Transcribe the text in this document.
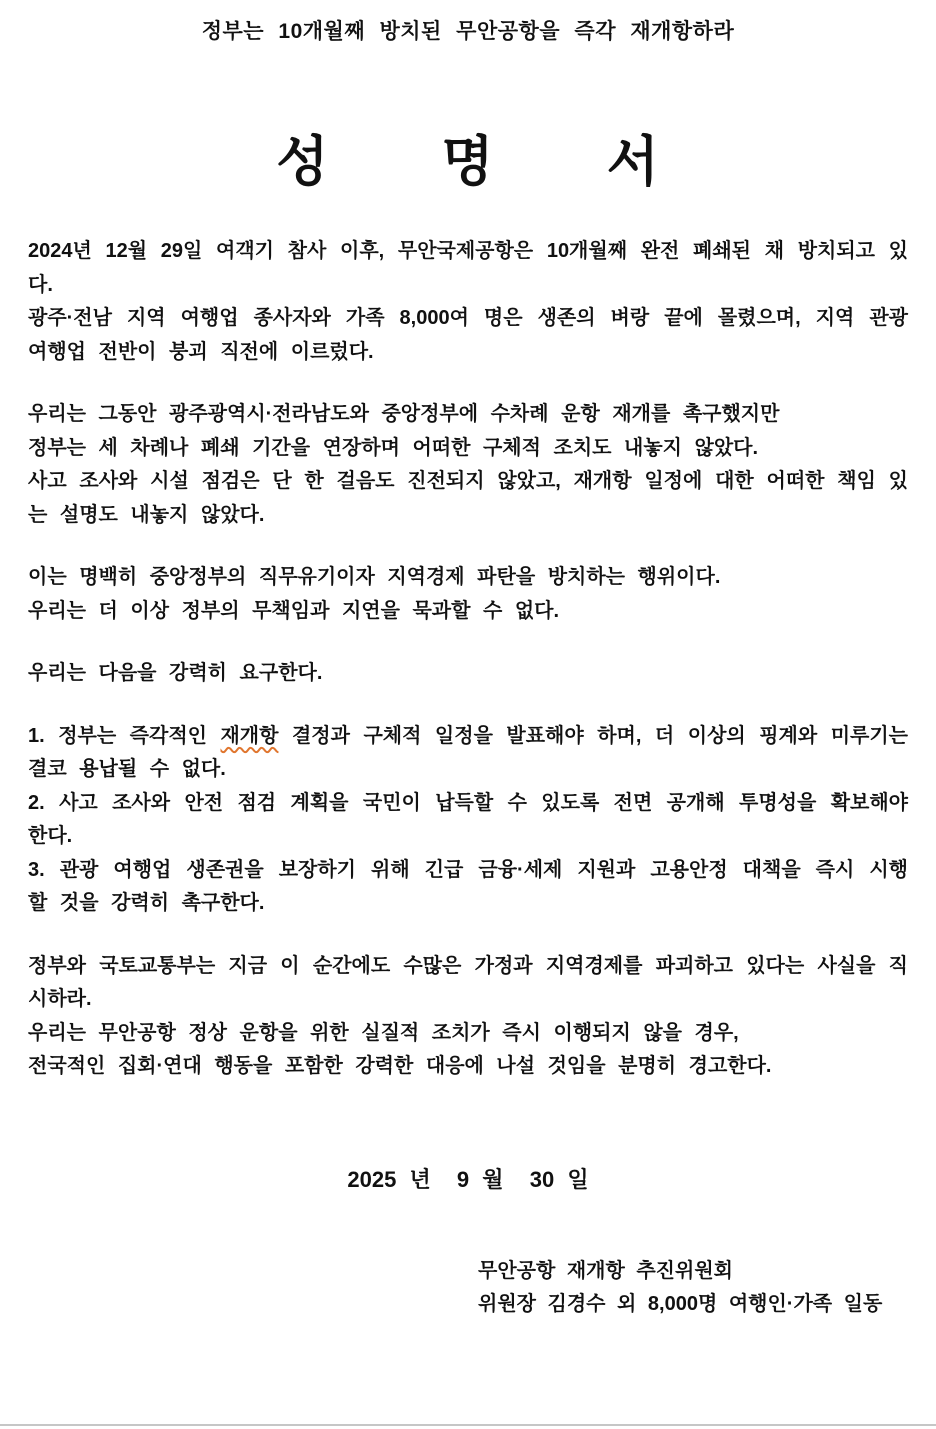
정부는 10개월째 방치된 무안공항을 즉각 재개항하라
성 명 서
2024년 12월 29일 여객기 참사 이후, 무안국제공항은 10개월째 완전 폐쇄된 채 방치되고 있
다.
광주·전남 지역 여행업 종사자와 가족 8,000여 명은 생존의 벼랑 끝에 몰렸으며, 지역 관광
여행업 전반이 붕괴 직전에 이르렀다.
우리는 그동안 광주광역시·전라남도와 중앙정부에 수차례 운항 재개를 촉구했지만
정부는 세 차례나 폐쇄 기간을 연장하며 어떠한 구체적 조치도 내놓지 않았다.
사고 조사와 시설 점검은 단 한 걸음도 진전되지 않았고, 재개항 일정에 대한 어떠한 책임 있
는 설명도 내놓지 않았다.
이는 명백히 중앙정부의 직무유기이자 지역경제 파탄을 방치하는 행위이다.
우리는 더 이상 정부의 무책임과 지연을 묵과할 수 없다.
우리는 다음을 강력히 요구한다.
1. 정부는 즉각적인 재개항 결정과 구체적 일정을 발표해야 하며, 더 이상의 핑계와 미루기는
결코 용납될 수 없다.
2. 사고 조사와 안전 점검 계획을 국민이 납득할 수 있도록 전면 공개해 투명성을 확보해야
한다.
3. 관광 여행업 생존권을 보장하기 위해 긴급 금융·세제 지원과 고용안정 대책을 즉시 시행
할 것을 강력히 촉구한다.
정부와 국토교통부는 지금 이 순간에도 수많은 가정과 지역경제를 파괴하고 있다는 사실을 직
시하라.
우리는 무안공항 정상 운항을 위한 실질적 조치가 즉시 이행되지 않을 경우,
전국적인 집회·연대 행동을 포함한 강력한 대응에 나설 것임을 분명히 경고한다.
2025 년  9 월  30 일
무안공항 재개항 추진위원회
위원장 김경수 외 8,000명 여행인·가족 일동
